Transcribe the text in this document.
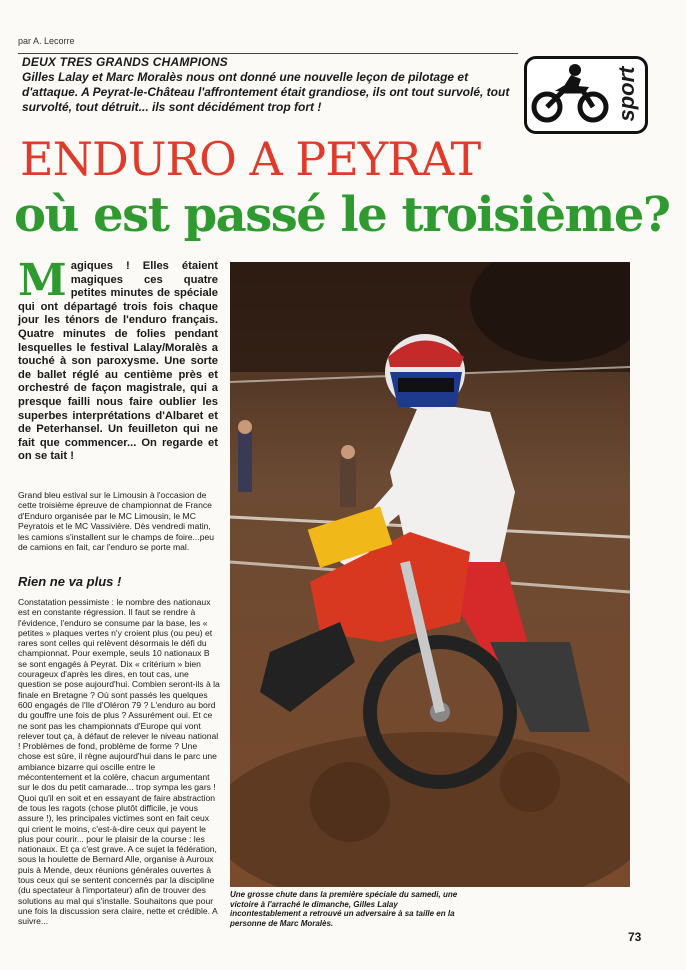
par A. Lecorre
DEUX TRES GRANDS CHAMPIONS
Gilles Lalay et Marc Moralès nous ont donné une nouvelle leçon de pilotage et d'attaque. A Peyrat-le-Château l'affrontement était grandiose, ils ont tout survolé, tout survolté, tout détruit... ils sont décidément trop fort !	sport
ENDURO A PEYRAT
où est passé le troisième?
Magiques ! Elles étaient magiques ces quatre petites minutes de spéciale qui ont départagé trois fois chaque jour les ténors de l'enduro français. Quatre minutes de folies pendant lesquelles le festival Lalay/Moralès a touché à son paroxysme. Une sorte de ballet réglé au centième près et orchestré de façon magistrale, qui a presque failli nous faire oublier les superbes interprétations d'Albaret et de Peterhansel. Un feuilleton qui ne fait que commencer... On regarde et on se tait !
Grand bleu estival sur le Limousin à l'occasion de cette troisième épreuve de championnat de France d'Enduro organisée par le MC Limousin, le MC Peyratois et le MC Vassivière. Dès vendredi matin, les camions s'installent sur le champs de foire...peu de camions en fait, car l'enduro se porte mal.
Rien ne va plus !
Constatation pessimiste : le nombre des nationaux est en constante régression. Il faut se rendre à l'évidence, l'enduro se consume par la base, les « petites » plaques vertes n'y croient plus (ou peu) et rares sont celles qui relèvent désormais le défi du championnat. Pour exemple, seuls 10 nationaux B se sont engagés à Peyrat. Dix « critérium » bien courageux d'après les dires, en tout cas, une question se pose aujourd'hui. Combien seront-ils à la finale en Bretagne ? Où sont passés les quelques 600 engagés de l'Ile d'Oléron 79 ? L'enduro au bord du gouffre une fois de plus ? Assurément oui. Et ce ne sont pas les championnats d'Europe qui vont relever tout ça, à défaut de relever le niveau national ! Problèmes de fond, problème de forme ? Une chose est sûre, il règne aujourd'hui dans le parc une ambiance bizarre qui oscille entre le mécontentement et la colère, chacun argumentant sur le dos du petit camarade... trop sympa les gars ! Quoi qu'il en soit et en essayant de faire abstraction de tous les ragots (chose plutôt difficile, je vous assure !), les principales victimes sont en fait ceux qui crient le moins, c'est-à-dire ceux qui payent le plus pour courir... pour le plaisir de la course : les nationaux. Et ça c'est grave. A ce sujet la fédération, sous la houlette de Bernard Alle, organise à Auroux puis à Mende, deux réunions générales ouvertes à tous ceux qui se sentent concernés par la discipline (du spectateur à l'importateur) afin de trouver des solutions au mal qui s'installe. Souhaitons que pour une fois la discussion sera claire, nette et crédible. A suivre...
Une grosse chute dans la première spéciale du samedi, une victoire à l'arraché le dimanche, Gilles Lalay incontestablement a retrouvé un adversaire à sa taille en la personne de Marc Moralès.
73
